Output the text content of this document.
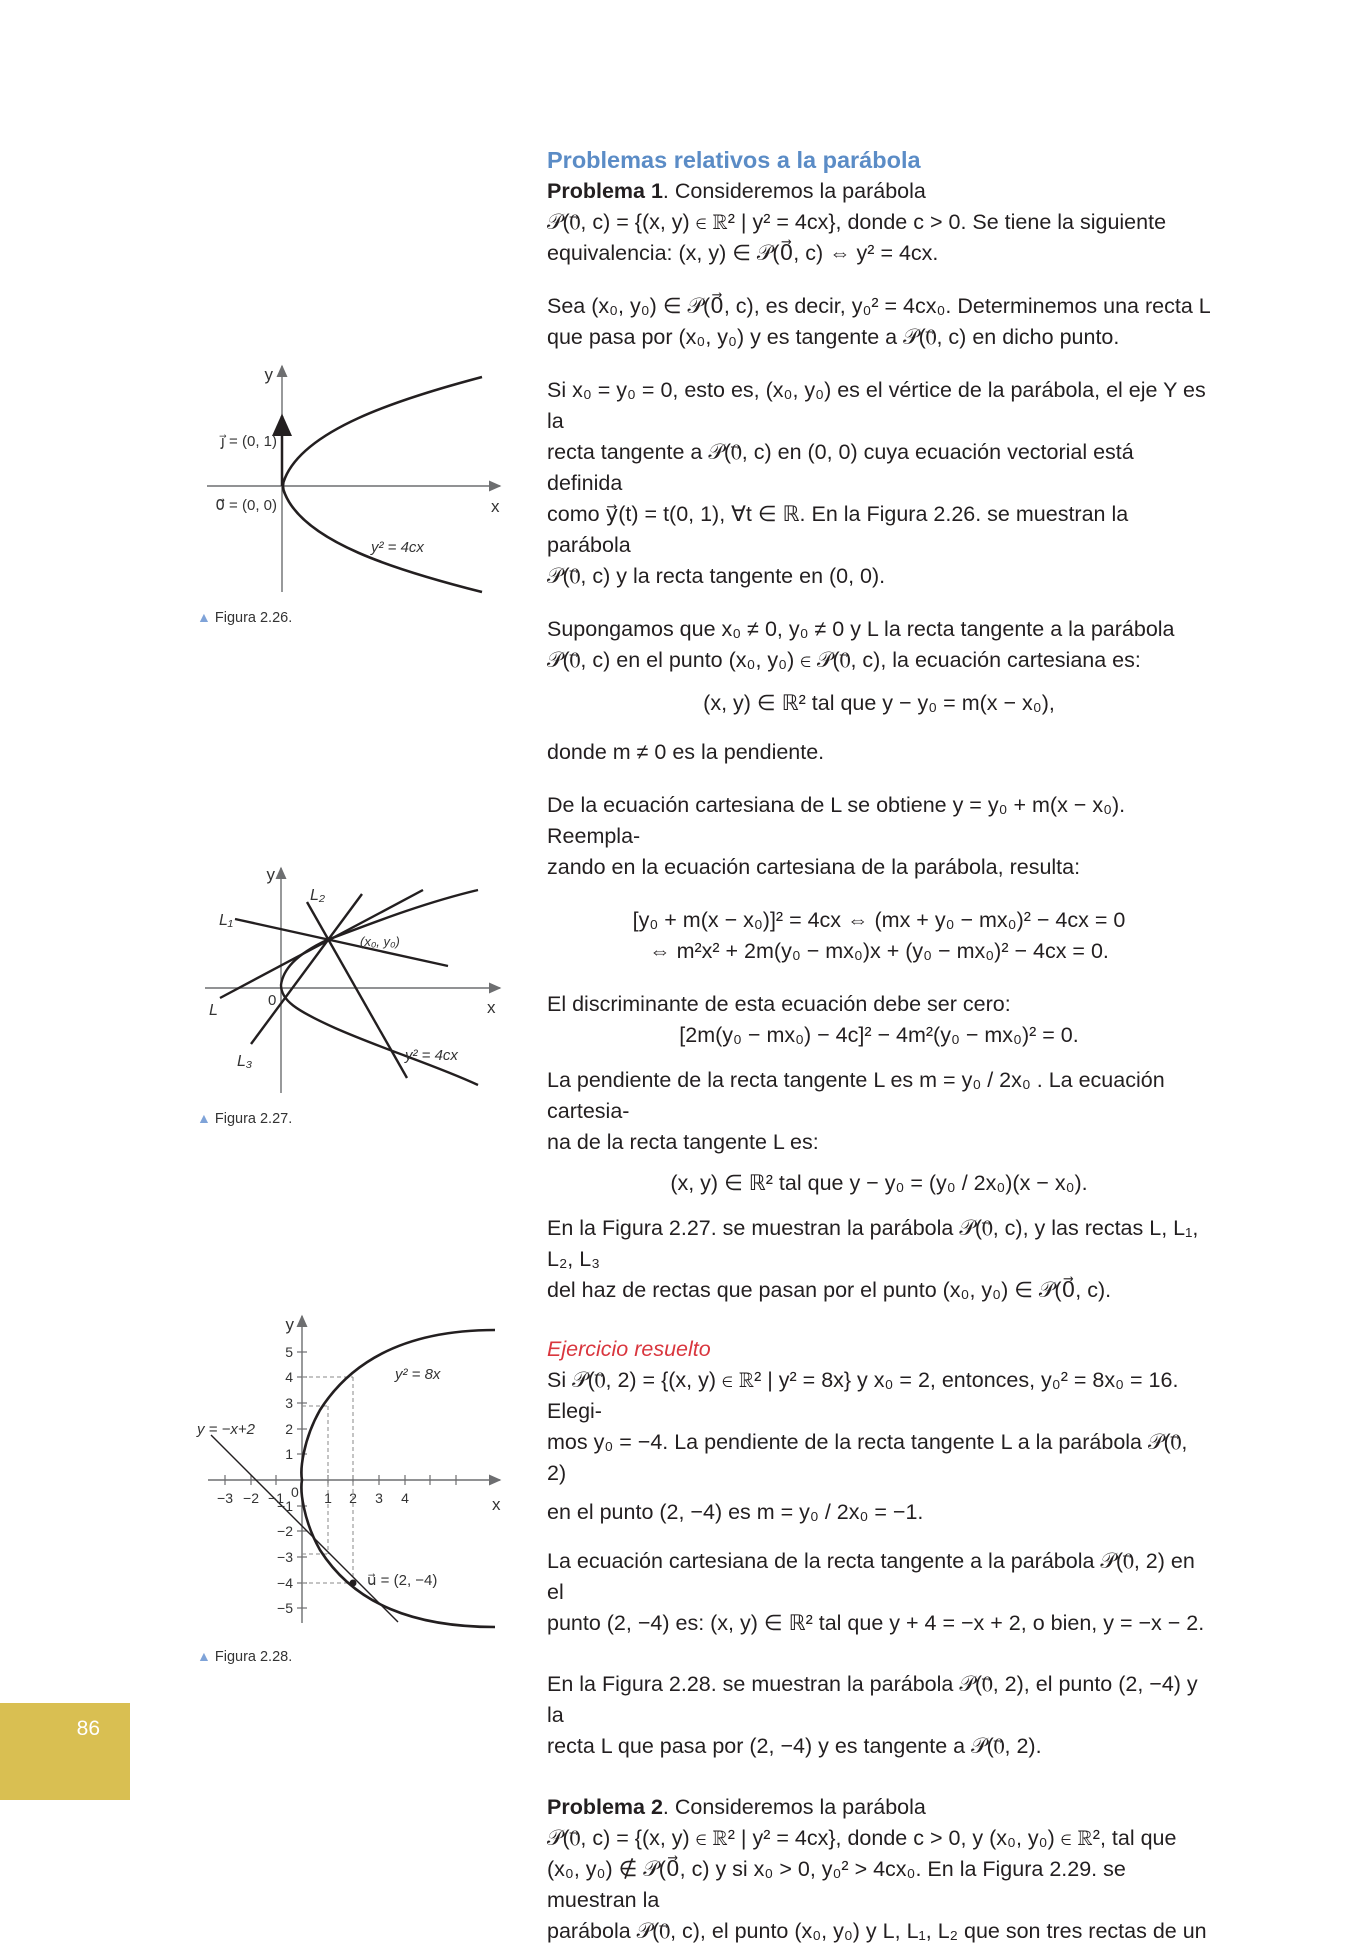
Problemas relativos a la parábola

Problema 1. Consideremos la parábola

𝒫(0⃗, c) = {(x, y) ∈ ℝ² | y² = 4cx}, donde c > 0. Se tiene la siguiente

equivalencia: (x, y) ∈ 𝒫(0⃗, c) ⇔ y² = 4cx.

Sea (x₀, y₀) ∈ 𝒫(0⃗, c), es decir, y₀² = 4cx₀. Determinemos una recta L

que pasa por (x₀, y₀) y es tangente a 𝒫(0⃗, c) en dicho punto.

Si x₀ = y₀ = 0, esto es, (x₀, y₀) es el vértice de la parábola, el eje Y es la

recta tangente a 𝒫(0⃗, c) en (0, 0) cuya ecuación vectorial está definida

como y⃗(t) = t(0, 1), ∀t ∈ ℝ. En la Figura 2.26. se muestran la parábola

𝒫(0⃗, c) y la recta tangente en (0, 0).

Supongamos que x₀ ≠ 0, y₀ ≠ 0 y L la recta tangente a la parábola

𝒫(0⃗, c) en el punto (x₀, y₀) ∈ 𝒫(0⃗, c), la ecuación cartesiana es:

(x, y) ∈ ℝ² tal que y − y₀ = m(x − x₀),

donde m ≠ 0 es la pendiente.

De la ecuación cartesiana de L se obtiene y = y₀ + m(x − x₀). Reempla-

zando en la ecuación cartesiana de la parábola, resulta:

[y₀ + m(x − x₀)]² = 4cx ⇔ (mx + y₀ − mx₀)² − 4cx = 0

⇔ m²x² + 2m(y₀ − mx₀)x + (y₀ − mx₀)² − 4cx = 0.

El discriminante de esta ecuación debe ser cero:

[2m(y₀ − mx₀) − 4c]² − 4m²(y₀ − mx₀)² = 0.

La pendiente de la recta tangente L es m = y₀ / 2x₀ . La ecuación cartesia-

na de la recta tangente L es:

(x, y) ∈ ℝ² tal que y − y₀ = (y₀ / 2x₀)(x − x₀).

En la Figura 2.27. se muestran la parábola 𝒫(0⃗, c), y las rectas L, L₁, L₂, L₃

del haz de rectas que pasan por el punto (x₀, y₀) ∈ 𝒫(0⃗, c).

Ejercicio resuelto

Si 𝒫(0⃗, 2) = {(x, y) ∈ ℝ² | y² = 8x} y x₀ = 2, entonces, y₀² = 8x₀ = 16. Elegi-

mos y₀ = −4. La pendiente de la recta tangente L a la parábola 𝒫(0⃗, 2)

en el punto (2, −4) es m = y₀ / 2x₀ = −1.

La ecuación cartesiana de la recta tangente a la parábola 𝒫(0⃗, 2) en el

punto (2, −4) es: (x, y) ∈ ℝ² tal que y + 4 = −x + 2, o bien, y = −x − 2.

En la Figura 2.28. se muestran la parábola 𝒫(0⃗, 2), el punto (2, −4) y la

recta L que pasa por (2, −4) y es tangente a 𝒫(0⃗, 2).

Problema 2. Consideremos la parábola

𝒫(0⃗, c) = {(x, y) ∈ ℝ² | y² = 4cx}, donde c > 0, y (x₀, y₀) ∈ ℝ², tal que

(x₀, y₀) ∉ 𝒫(0⃗, c) y si x₀ > 0, y₀² > 4cx₀. En la Figura 2.29. se muestran la

parábola 𝒫(0⃗, c), el punto (x₀, y₀) y L, L₁, L₂ que son tres rectas de un

y
x
j⃗ = (0, 1)
0⃗ = (0, 0)
y² = 4cx
▲ Figura 2.26.
y
x
0
(x₀, y₀)
y² = 4cx
L
L₁
L₂
L₃
▲ Figura 2.27.
y
x
0
−3 −2 −1	1 2 3 4
5
4
3
2
1
−1
−2
−3
−4
−5
y² = 8x
y = −x+2
u⃗ = (2, −4)
▲ Figura 2.28.
86
